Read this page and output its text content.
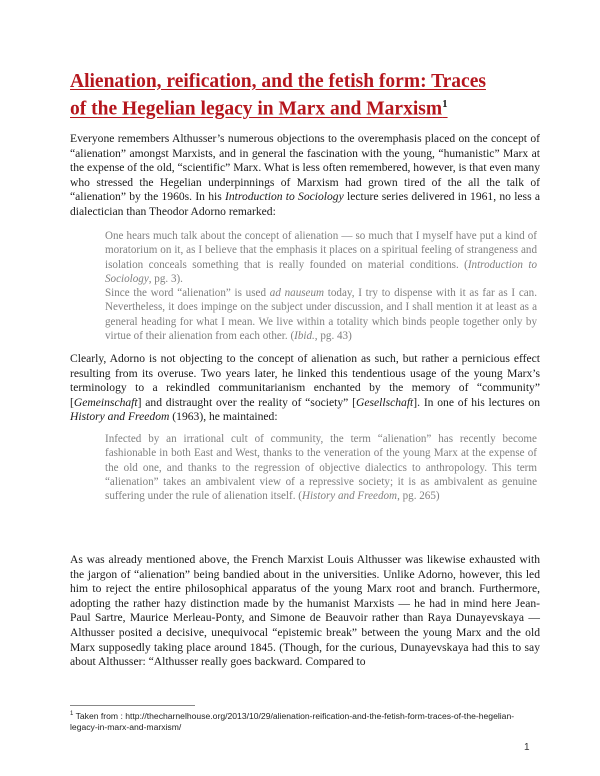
Alienation, reification, and the fetish form: Traces
of the Hegelian legacy in Marx and Marxism$^1$
Everyone remembers Althusser’s numerous objections to the overemphasis placed on the concept of “alienation” amongst Marxists, and in general the fascination with the young, “humanistic” Marx at the expense of the old, “scientific” Marx. What is less often remembered, however, is that even many who stressed the Hegelian underpinnings of Marxism had grown tired of the all the talk of “alienation” by the 1960s. In his Introduction to Sociology lecture series delivered in 1961, no less a dialectician than Theodor Adorno remarked:

One hears much talk about the concept of alienation — so much that I myself have put a kind of moratorium on it, as I believe that the emphasis it places on a spiritual feeling of strangeness and isolation conceals something that is really founded on material conditions. (Introduction to Sociology, pg. 3).

Since the word “alienation” is used ad nauseum today, I try to dispense with it as far as I can. Nevertheless, it does impinge on the subject under discussion, and I shall mention it at least as a general heading for what I mean. We live within a totality which binds people together only by virtue of their alienation from each other. (Ibid., pg. 43)

Clearly, Adorno is not objecting to the concept of alienation as such, but rather a pernicious effect resulting from its overuse. Two years later, he linked this tendentious usage of the young Marx’s terminology to a rekindled communitarianism enchanted by the memory of “community” [Gemeinschaft] and distraught over the reality of “society” [Gesellschaft]. In one of his lectures on History and Freedom (1963), he maintained:
Infected by an irrational cult of community, the term “alienation” has recently become fashionable in both East and West, thanks to the veneration of the young Marx at the expense of the old one, and thanks to the regression of objective dialectics to anthropology. This term “alienation” takes an ambivalent view of a repressive society; it is as ambivalent as genuine suffering under the rule of alienation itself. (History and Freedom, pg. 265)
As was already mentioned above, the French Marxist Louis Althusser was likewise exhausted with the jargon of “alienation” being bandied about in the universities. Unlike Adorno, however, this led him to reject the entire philosophical apparatus of the young Marx root and branch. Furthermore, adopting the rather hazy distinction made by the humanist Marxists — he had in mind here Jean-Paul Sartre, Maurice Merleau-Ponty, and Simone de Beauvoir rather than Raya Dunayevskaya — Althusser posited a decisive, unequivocal “epistemic break” between the young Marx and the old Marx supposedly taking place around 1845. (Though, for the curious, Dunayevskaya had this to say about Althusser: “Althusser really goes backward. Compared to
$^1$ Taken from : http://thecharnelhouse.org/2013/10/29/alienation-reification-and-the-fetish-form-traces-of-the-hegelian-legacy-in-marx-and-marxism/
1
